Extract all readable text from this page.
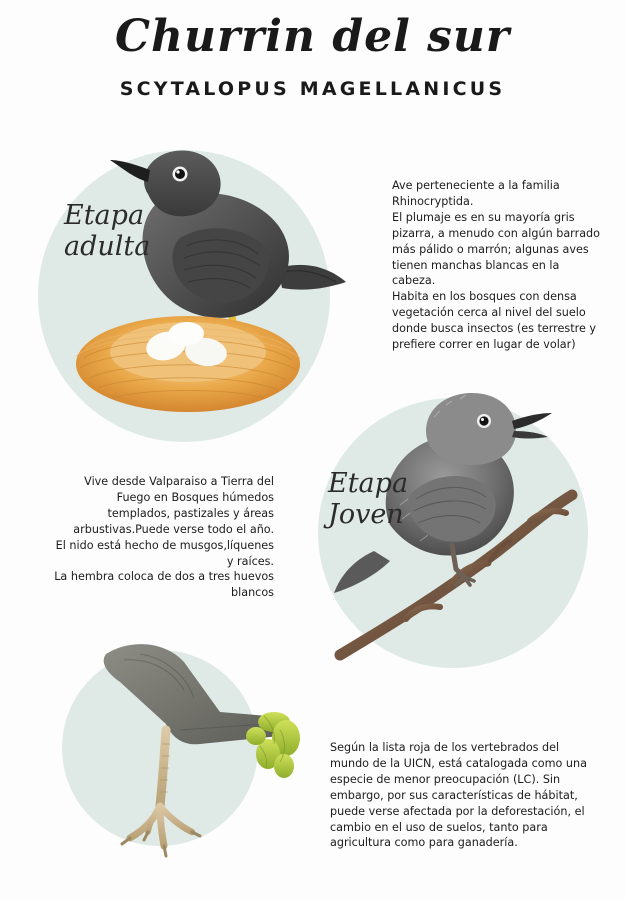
Churrin del sur
SCYTALOPUS MAGELLANICUS
Etapa
adulta
Etapa
Joven
Ave perteneciente a la familia Rhinocryptida.
El plumaje es en su mayoría gris pizarra, a menudo con algún barrado más pálido o marrón; algunas aves tienen manchas blancas en la cabeza.
Habita en los bosques con densa vegetación cerca al nivel del suelo donde busca insectos (es terrestre y prefiere correr en lugar de volar)
Vive desde Valparaiso a Tierra del Fuego en Bosques húmedos templados, pastizales y áreas arbustivas.Puede verse todo el año.
El nido está hecho de musgos,líquenes y raíces.
La hembra coloca de dos a tres huevos blancos
Según la lista roja de los vertebrados del mundo de la UICN, está catalogada como una especie de menor preocupación (LC). Sin embargo, por sus características de hábitat, puede verse afectada por la deforestación, el cambio en el uso de suelos, tanto para agricultura como para ganadería.
